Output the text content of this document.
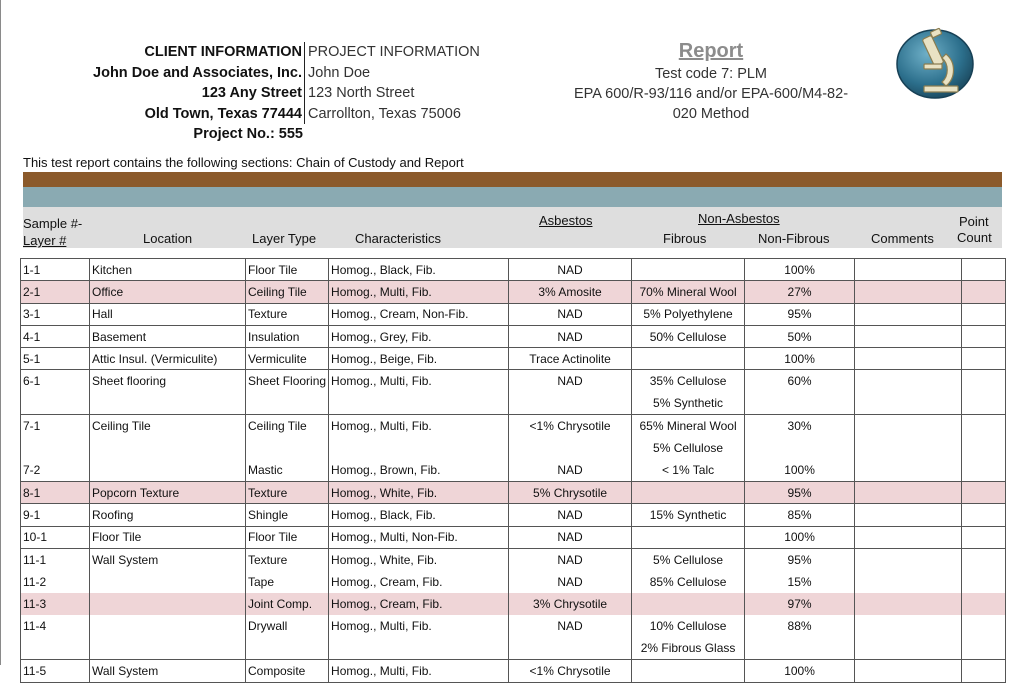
CLIENT INFORMATION
John Doe and Associates, Inc.
123 Any Street
Old Town, Texas 77444
Project No.: 555
PROJECT INFORMATION
John Doe
123 North Street
Carrollton, Texas 75006
Report
Test code 7: PLM
EPA 600/R-93/116 and/or EPA-600/M4-82-
020 Method
This test report contains the following sections: Chain of Custody and Report
Sample #-
Layer #	Location	Layer Type	Characteristics
Asbestos	Non-Asbestos
Fibrous	Non-Fibrous	Comments
Point
Count
1-1	Kitchen	Floor Tile	Homog., Black, Fib.	NAD		100%		
2-1	Office	Ceiling Tile	Homog., Multi, Fib.	3% Amosite	70% Mineral Wool	27%		
3-1	Hall	Texture	Homog., Cream, Non-Fib.	NAD	5% Polyethylene	95%		
4-1	Basement	Insulation	Homog., Grey, Fib.	NAD	50% Cellulose	50%		
5-1	Attic Insul. (Vermiculite)	Vermiculite	Homog., Beige, Fib.	Trace Actinolite		100%		
6-1	Sheet flooring	Sheet Flooring	Homog., Multi, Fib.	NAD	35% Cellulose	60%		
					5% Synthetic			
7-1	Ceiling Tile	Ceiling Tile	Homog., Multi, Fib.	<1% Chrysotile	65% Mineral Wool	30%		
					5% Cellulose			
7-2		Mastic	Homog., Brown, Fib.	NAD	< 1% Talc	100%		
8-1	Popcorn Texture	Texture	Homog., White, Fib.	5% Chrysotile		95%		
9-1	Roofing	Shingle	Homog., Black, Fib.	NAD	15% Synthetic	85%		
10-1	Floor Tile	Floor Tile	Homog., Multi, Non-Fib.	NAD		100%		
11-1	Wall System	Texture	Homog., White, Fib.	NAD	5% Cellulose	95%		
11-2		Tape	Homog., Cream, Fib.	NAD	85% Cellulose	15%		
11-3		Joint Comp.	Homog., Cream, Fib.	3% Chrysotile		97%		
11-4		Drywall	Homog., Multi, Fib.	NAD	10% Cellulose	88%		
					2% Fibrous Glass			
11-5	Wall System	Composite	Homog., Multi, Fib.	<1% Chrysotile		100%		
